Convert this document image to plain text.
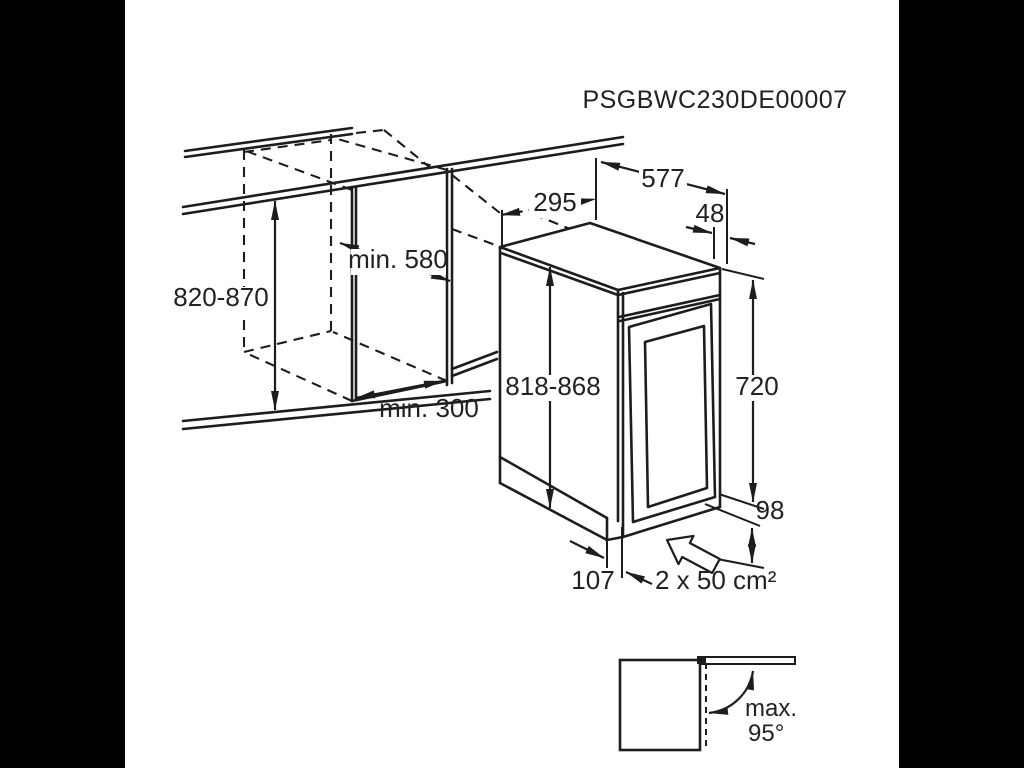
PSGBWC230DE00007
577
295	48
min. 580
820-870
818-868	720
min. 300
98
107 2 x 50 cm²
max.
95°
